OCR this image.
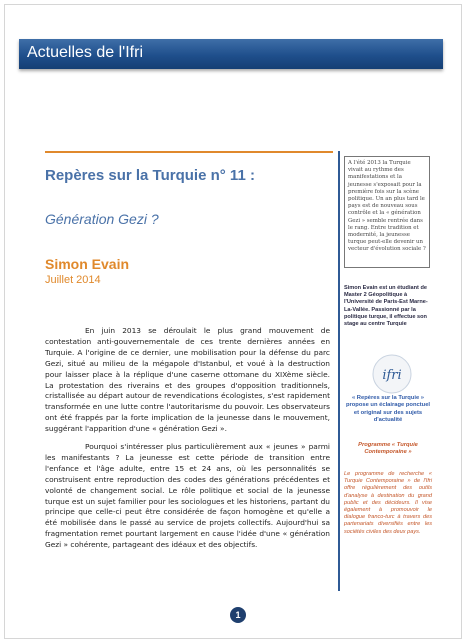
Actuelles de l'Ifri
Repères sur la Turquie n° 11 :
Génération Gezi ?
Simon Evain
Juillet 2014
En juin 2013 se déroulait le plus grand mouvement de contestation anti-gouvernementale de ces trente dernières années en Turquie. A l'origine de ce dernier, une mobilisation pour la défense du parc Gezi, situé au milieu de la mégapole d'Istanbul, et voué à la destruction pour laisser place à la réplique d'une caserne ottomane du XIXème siècle. La protestation des riverains et des groupes d'opposition traditionnels, cristallisée au départ autour de revendications écologistes, s'est rapidement transformée en une lutte contre l'autoritarisme du pouvoir. Les observateurs ont été frappés par la forte implication de la jeunesse dans le mouvement, suggérant l'apparition d'une « génération Gezi ».
Pourquoi s'intéresser plus particulièrement aux « jeunes » parmi les manifestants ? La jeunesse est cette période de transition entre l'enfance et l'âge adulte, entre 15 et 24 ans, où les personnalités se construisent entre reproduction des codes des générations précédentes et volonté de changement social. Le rôle politique et social de la jeunesse turque est un sujet familier pour les sociologues et les historiens, partant du principe que celle-ci peut être considérée de façon homogène et qu'elle a été mobilisée dans le passé au service de projets collectifs. Aujourd'hui sa fragmentation remet pourtant largement en cause l'idée d'une « génération Gezi » cohérente, partageant des idéaux et des objectifs.
A l'été 2013 la Turquie vivait au rythme des manifestations et la jeunesse s'exposait pour la première fois sur la scène politique. Un an plus tard le pays est de nouveau sous contrôle et la « génération Gezi » semble rentrée dans le rang. Entre tradition et modernité, la jeunesse turque peut-elle devenir un vecteur d'évolution sociale ?
Simon Evain est un étudiant de Master 2 Géopolitique à l'Université de Paris-Est Marne-La-Vallée. Passionné par la politique turque, il effectue son stage au centre Turquie
ifri
« Repères sur la Turquie » propose un éclairage ponctuel et original sur des sujets d'actualité
Programme « Turquie Contemporaine »
Le programme de recherche « Turquie Contemporaine » de l'Ifri offre régulièrement des outils d'analyse à destination du grand public et des décideurs. Il vise également à promouvoir le dialogue franco-turc à travers des partenariats diversifiés entre les sociétés civiles des deux pays.
1
